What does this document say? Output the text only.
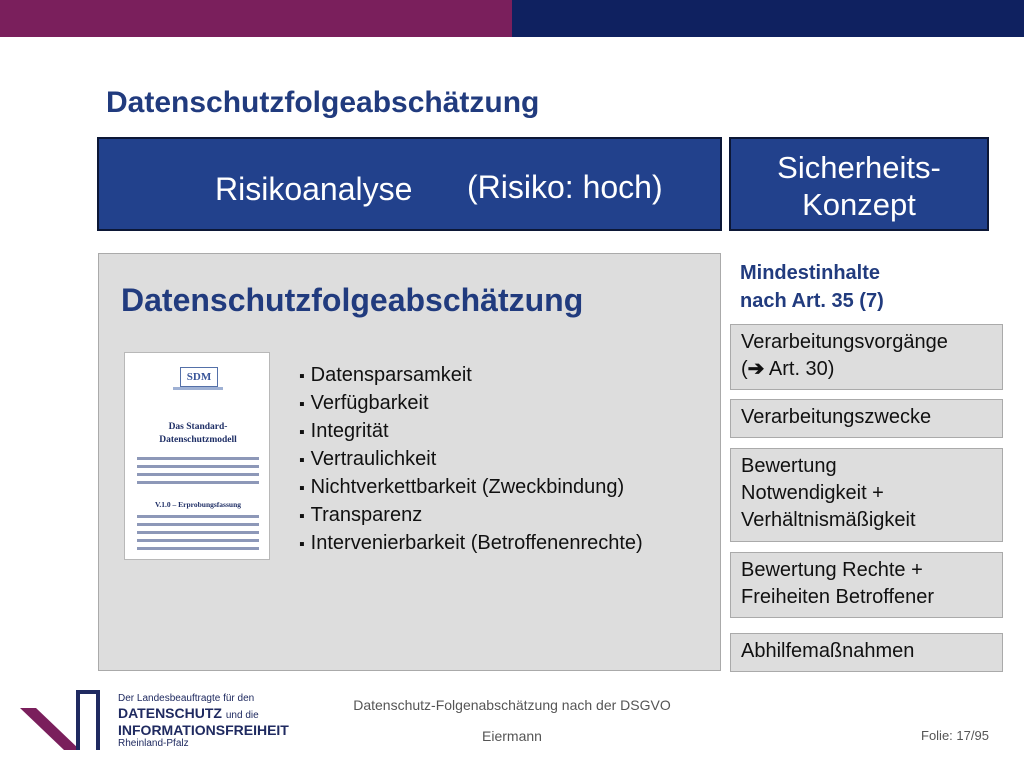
Datenschutzfolgeabschätzung
Risikoanalyse (Risiko: hoch)
Sicherheits-
Konzept
Datenschutzfolgeabschätzung
SDM
Das Standard-
Datenschutzmodell
V.1.0 – Erprobungsfassung
▪ Datensparsamkeit
▪ Verfügbarkeit
▪ Integrität
▪ Vertraulichkeit
▪ Nichtverkettbarkeit (Zweckbindung)
▪ Transparenz
▪ Intervenierbarkeit (Betroffenenrechte)
Mindestinhalte
nach Art. 35 (7)
Verarbeitungsvorgänge
(➔ Art. 30)
Verarbeitungszwecke
Bewertung
Notwendigkeit +
Verhältnismäßigkeit
Bewertung Rechte +
Freiheiten Betroffener
Abhilfemaßnahmen
Der Landesbeauftragte für den
DATENSCHUTZ und die
INFORMATIONSFREIHEIT
Rheinland-Pfalz
Datenschutz-Folgenabschätzung nach der DSGVO
Eiermann	Folie: 17/95
